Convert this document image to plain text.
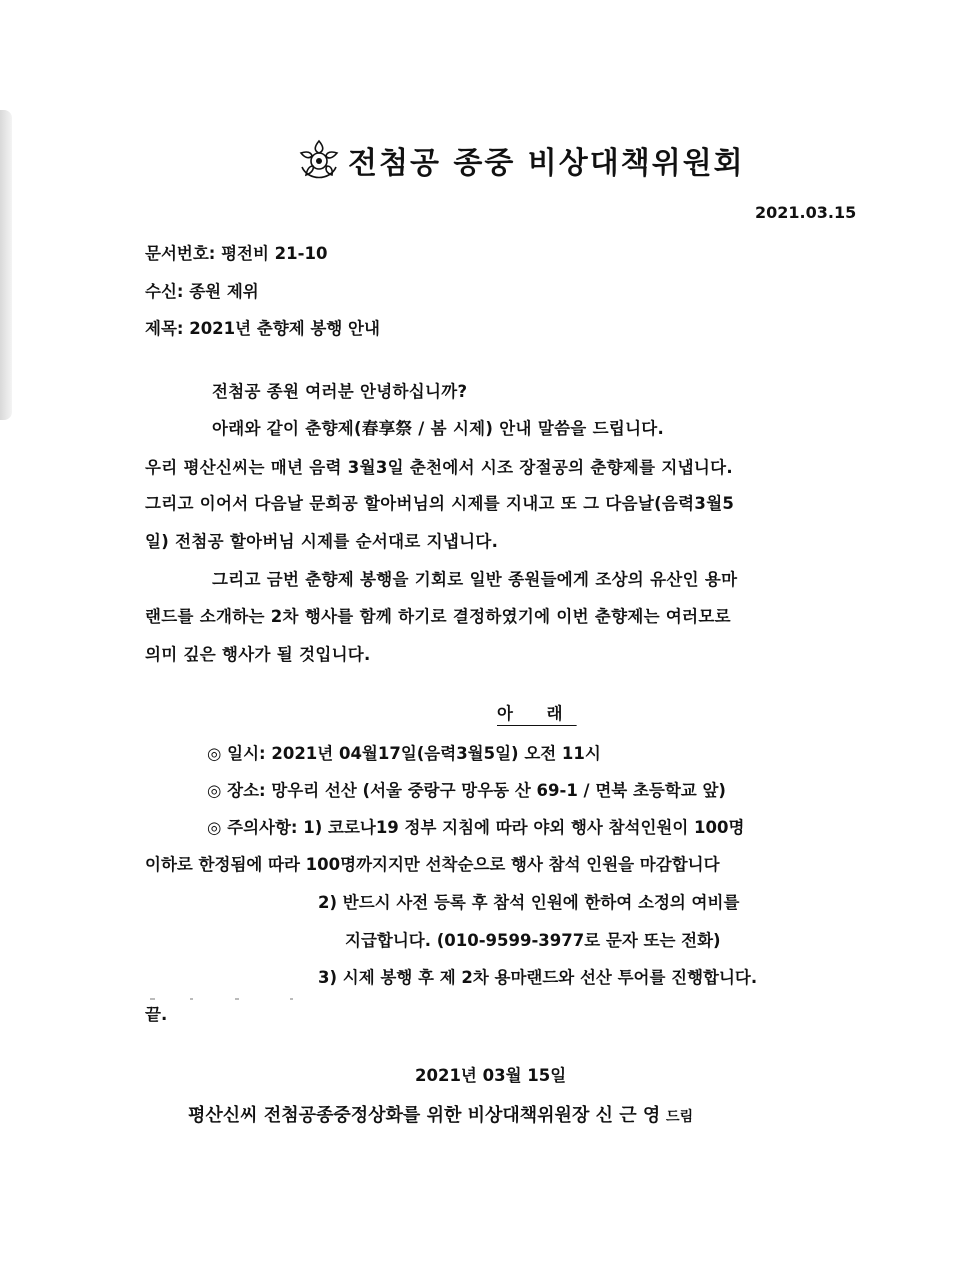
전첨공 종중 비상대책위원회
2021.03.15
문서번호: 평전비 21-10
수신: 종원 제위
제목: 2021년 춘향제 봉행 안내
전첨공 종원 여러분 안녕하십니까?
아래와 같이 춘향제(春享祭 / 봄 시제) 안내 말씀을 드립니다.
우리 평산신씨는 매년 음력 3월3일 춘천에서 시조 장절공의 춘향제를 지냅니다.
그리고 이어서 다음날 문희공 할아버님의 시제를 지내고 또 그 다음날(음력3월5
일) 전첨공 할아버님 시제를 순서대로 지냅니다.
그리고 금번 춘향제 봉행을 기회로 일반 종원들에게 조상의 유산인 용마
랜드를 소개하는 2차 행사를 함께 하기로 결정하였기에 이번 춘향제는 여러모로
의미 깊은 행사가 될 것입니다.
아 래
◎ 일시: 2021년 04월17일(음력3월5일) 오전 11시
◎ 장소: 망우리 선산 (서울 중랑구 망우동 산 69-1 / 면북 초등학교 앞)
◎ 주의사항: 1) 코로나19 정부 지침에 따라 야외 행사 참석인원이 100명
이하로 한정됨에 따라 100명까지지만 선착순으로 행사 참석 인원을 마감합니다
2) 반드시 사전 등록 후 참석 인원에 한하여 소정의 여비를
지급합니다. (010-9599-3977로 문자 또는 전화)
3) 시제 봉행 후 제 2차 용마랜드와 선산 투어를 진행합니다.
끝.
2021년 03월 15일
평산신씨 전첨공종중정상화를 위한 비상대책위원장 신 근 영 드림
